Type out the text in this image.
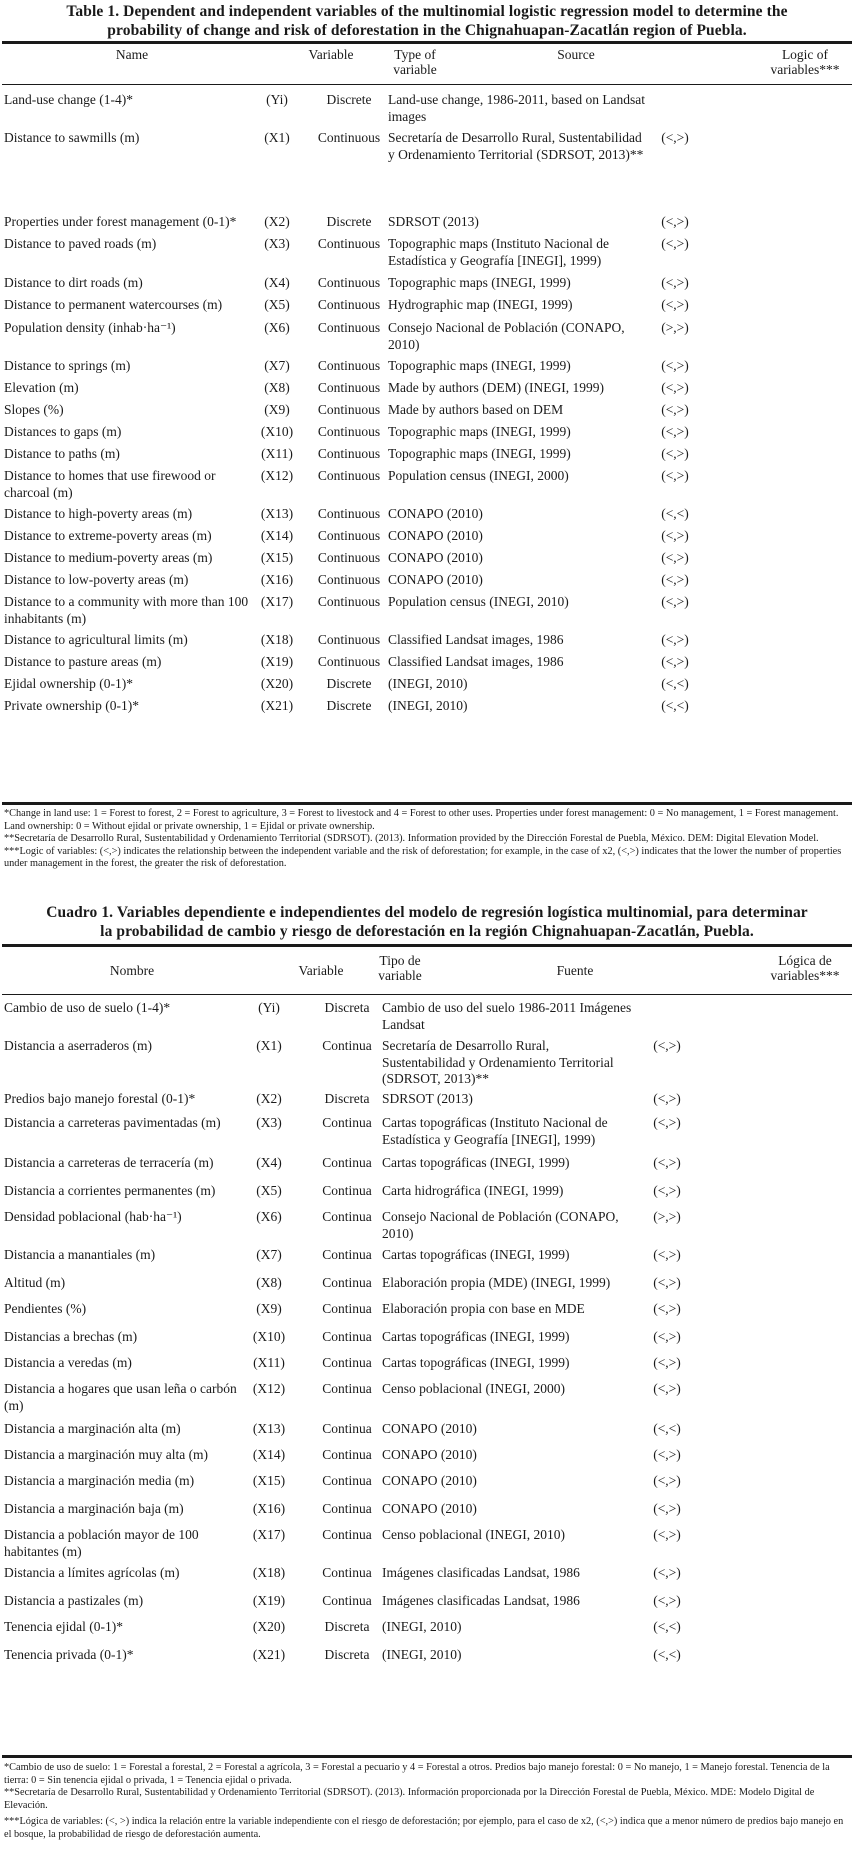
Table 1. Dependent and independent variables of the multinomial logistic regression model to determine the
probability of change and risk of deforestation in the Chignahuapan-Zacatlán region of Puebla.
Name	Variable	Type of
variable
Source	Logic of
variables***
Land-use change (1-4)*	(Yi)	Discrete	Land-use change, 1986-2011, based on Landsat images
Distance to sawmills (m)	(X1)	Continuous Secretaría de Desarrollo Rural, Sustentabilidad y Ordenamiento Territorial (SDRSOT, 2013)**
(<,>)
Properties under forest management (0-1)*	(X2)	Discrete	SDRSOT (2013)	(<,>)
Distance to paved roads (m)	(X3)	Continuous Topographic maps (Instituto Nacional de Estadística y Geografía [INEGI], 1999)
(<,>)
Distance to dirt roads (m)	(X4)	Continuous Topographic maps (INEGI, 1999)	(<,>)
Distance to permanent watercourses (m)	(X5)	Continuous Hydrographic map (INEGI, 1999)	(<,>)
Population density (inhab·ha⁻¹)	(X6)	Continuous Consejo Nacional de Población (CONAPO, 2010)
(>,>)
Distance to springs (m)	(X7)	Continuous Topographic maps (INEGI, 1999)	(<,>)
Elevation (m)	(X8)	Continuous Made by authors (DEM) (INEGI, 1999)	(<,>)
Slopes (%)	(X9)	Continuous Made by authors based on DEM	(<,>)
Distances to gaps (m)	(X10)	Continuous Topographic maps (INEGI, 1999)	(<,>)
Distance to paths (m)	(X11)	Continuous Topographic maps (INEGI, 1999)	(<,>)
Distance to homes that use firewood or charcoal (m)
(X12)	Continuous Population census (INEGI, 2000)	(<,>)
Distance to high-poverty areas (m)	(X13)	Continuous CONAPO (2010)	(<,<)
Distance to extreme-poverty areas (m)	(X14)	Continuous CONAPO (2010)	(<,>)
Distance to medium-poverty areas (m)	(X15)	Continuous CONAPO (2010)	(<,>)
Distance to low-poverty areas (m)	(X16)	Continuous CONAPO (2010)	(<,>)
Distance to a community with more than 100 inhabitants (m)
(X17)	Continuous Population census (INEGI, 2010)	(<,>)
Distance to agricultural limits (m)	(X18)	Continuous Classified Landsat images, 1986	(<,>)
Distance to pasture areas (m)	(X19)	Continuous Classified Landsat images, 1986	(<,>)
Ejidal ownership (0-1)*	(X20)	Discrete	(INEGI, 2010)	(<,<)
Private ownership (0-1)*	(X21)	Discrete	(INEGI, 2010)	(<,<)

*Change in land use: 1 = Forest to forest, 2 = Forest to agriculture, 3 = Forest to livestock and 4 = Forest to other uses. Properties under forest management: 0 = No management, 1 = Forest management. Land ownership: 0 = Without ejidal or private ownership, 1 = Ejidal or private ownership.

**Secretaría de Desarrollo Rural, Sustentabilidad y Ordenamiento Territorial (SDRSOT). (2013). Information provided by the Dirección Forestal de Puebla, México. DEM: Digital Elevation Model.

***Logic of variables: (<,>) indicates the relationship between the independent variable and the risk of deforestation; for example, in the case of x2, (<,>) indicates that the lower the number of properties under management in the forest, the greater the risk of deforestation.

Cuadro 1. Variables dependiente e independientes del modelo de regresión logística multinomial, para determinar
la probabilidad de cambio y riesgo de deforestación en la región Chignahuapan-Zacatlán, Puebla.
Nombre	Variable
Tipo de
variable	Fuente
Lógica de
variables***
Cambio de uso de suelo (1-4)*	(Yi)	Discreta Cambio de uso del suelo 1986-2011 Imágenes Landsat
Distancia a aserraderos (m)	(X1)	Continua Secretaría de Desarrollo Rural, Sustentabilidad y Ordenamiento Territorial (SDRSOT, 2013)**
(<,>)
Predios bajo manejo forestal (0-1)*	(X2)	Discreta SDRSOT (2013)	(<,>)
Distancia a carreteras pavimentadas (m)	(X3)	Continua Cartas topográficas (Instituto Nacional de Estadística y Geografía [INEGI], 1999)
(<,>)
Distancia a carreteras de terracería (m)	(X4)	Continua Cartas topográficas (INEGI, 1999)	(<,>)
Distancia a corrientes permanentes (m)	(X5)	Continua Carta hidrográfica (INEGI, 1999)	(<,>)
Densidad poblacional (hab·ha⁻¹)	(X6)	Continua Consejo Nacional de Población (CONAPO, 2010)
(>,>)
Distancia a manantiales (m)	(X7)	Continua Cartas topográficas (INEGI, 1999)	(<,>)
Altitud (m)	(X8)	Continua Elaboración propia (MDE) (INEGI, 1999)	(<,>)
Pendientes (%)	(X9)	Continua Elaboración propia con base en MDE	(<,>)
Distancias a brechas (m)	(X10)	Continua Cartas topográficas (INEGI, 1999)	(<,>)
Distancia a veredas (m)	(X11)	Continua Cartas topográficas (INEGI, 1999)	(<,>)
Distancia a hogares que usan leña o carbón (m)
(X12)	Continua Censo poblacional (INEGI, 2000)	(<,>)
Distancia a marginación alta (m)	(X13)	Continua CONAPO (2010)	(<,<)
Distancia a marginación muy alta (m)	(X14)	Continua CONAPO (2010)	(<,>)
Distancia a marginación media (m)	(X15)	Continua CONAPO (2010)	(<,>)
Distancia a marginación baja (m)	(X16)	Continua CONAPO (2010)	(<,>)
Distancia a población mayor de 100 habitantes (m)
(X17)	Continua Censo poblacional (INEGI, 2010)	(<,>)
Distancia a límites agrícolas (m)	(X18)	Continua Imágenes clasificadas Landsat, 1986	(<,>)
Distancia a pastizales (m)	(X19)	Continua Imágenes clasificadas Landsat, 1986	(<,>)
Tenencia ejidal (0-1)*	(X20)	Discreta (INEGI, 2010)	(<,<)
Tenencia privada (0-1)*	(X21)	Discreta (INEGI, 2010)	(<,<)

*Cambio de uso de suelo: 1 = Forestal a forestal, 2 = Forestal a agrícola, 3 = Forestal a pecuario y 4 = Forestal a otros. Predios bajo manejo forestal: 0 = No manejo, 1 = Manejo forestal. Tenencia de la tierra: 0 = Sin tenencia ejidal o privada, 1 = Tenencia ejidal o privada.

**Secretaría de Desarrollo Rural, Sustentabilidad y Ordenamiento Territorial (SDRSOT). (2013). Información proporcionada por la Dirección Forestal de Puebla, México. MDE: Modelo Digital de Elevación.

***Lógica de variables: (<, >) indica la relación entre la variable independiente con el riesgo de deforestación; por ejemplo, para el caso de x2, (<,>) indica que a menor número de predios bajo manejo en el bosque, la probabilidad de riesgo de deforestación aumenta.
